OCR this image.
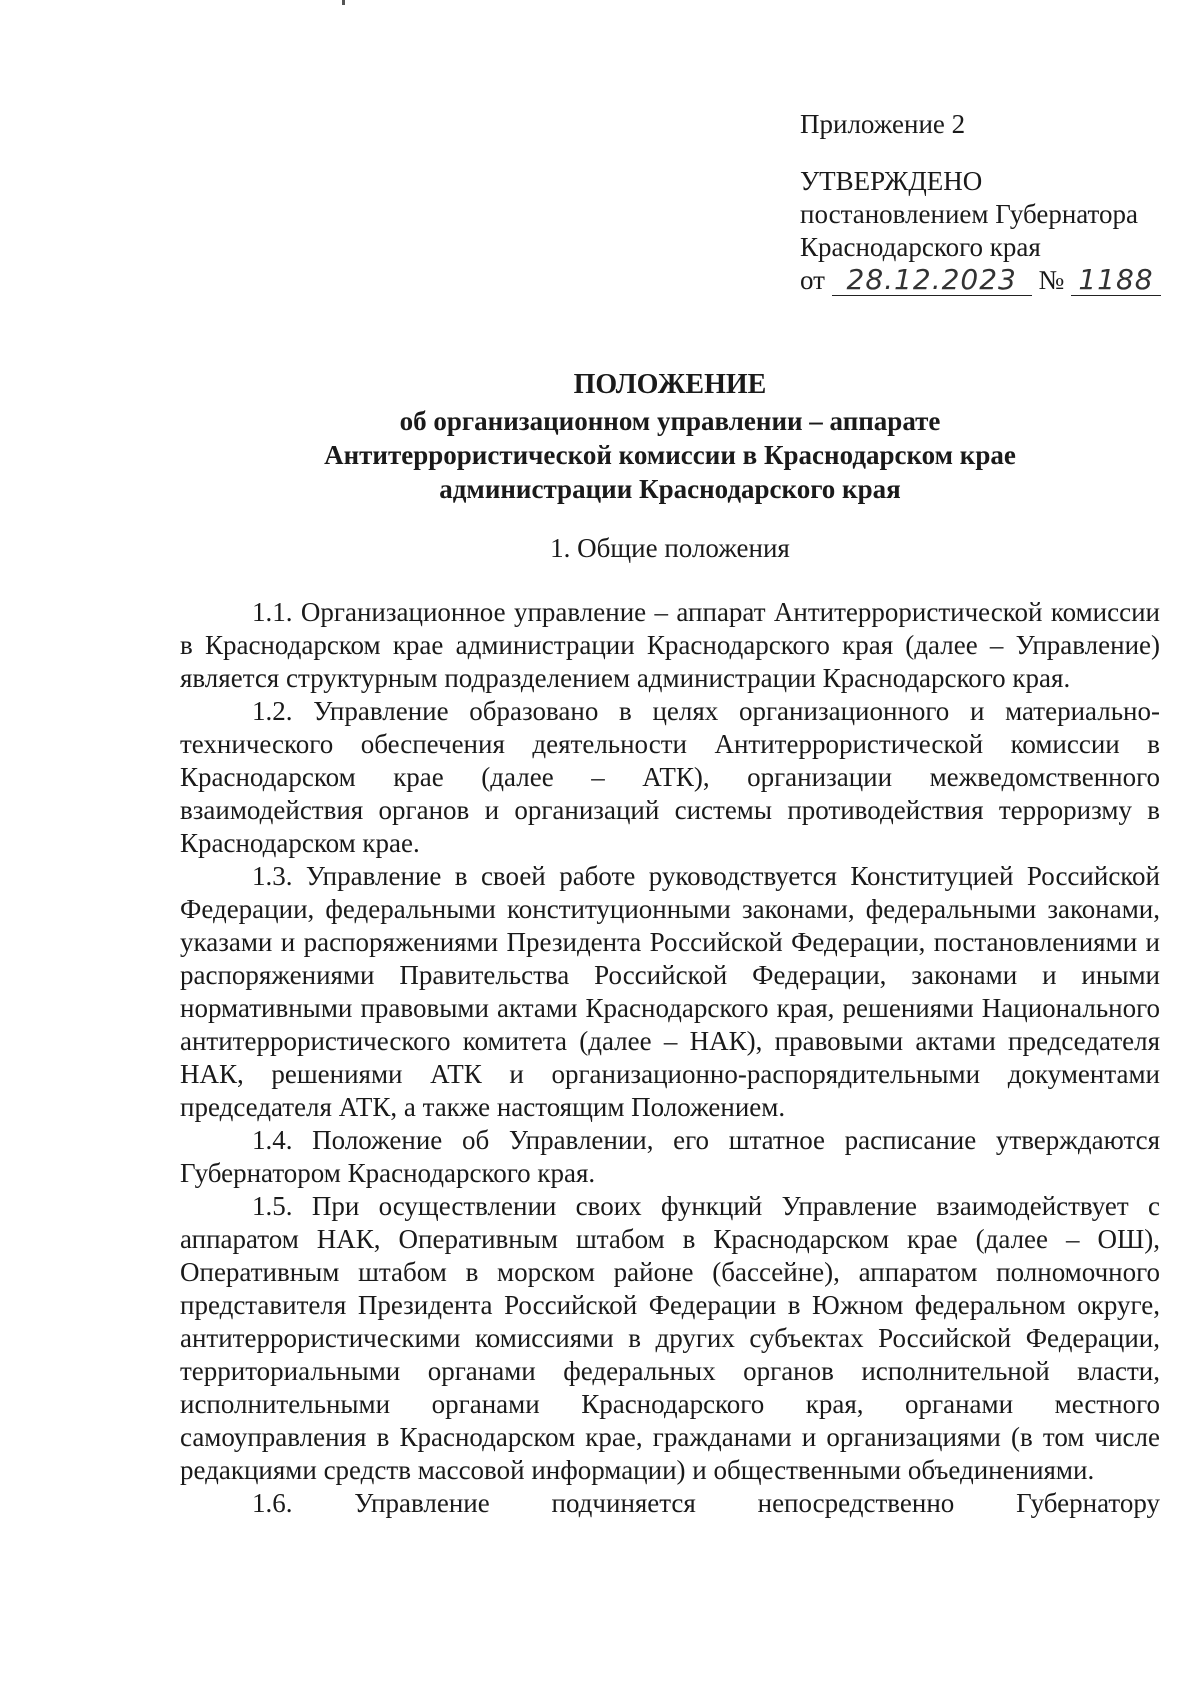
Приложение 2
УТВЕРЖДЕНО
постановлением Губернатора
Краснодарского края
от 28.12.2023 № 1188
ПОЛОЖЕНИЕ
об организационном управлении – аппарате
Антитеррористической комиссии в Краснодарском крае
администрации Краснодарского края
1. Общие положения

1.1. Организационное управление – аппарат Антитеррористической комиссии в Краснодарском крае администрации Краснодарского края (далее – Управление) является структурным подразделением администрации Краснодарского края.

1.2. Управление образовано в целях организационного и материально-технического обеспечения деятельности Антитеррористической комиссии в Краснодарском крае (далее – АТК), организации межведомственного взаимодействия органов и организаций системы противодействия терроризму в Краснодарском крае.

1.3. Управление в своей работе руководствуется Конституцией Российской Федерации, федеральными конституционными законами, федеральными законами, указами и распоряжениями Президента Российской Федерации, постановлениями и распоряжениями Правительства Российской Федерации, законами и иными нормативными правовыми актами Краснодарского края, решениями Национального антитеррористического комитета (далее – НАК), правовыми актами председателя НАК, решениями АТК и организационно-распорядительными документами председателя АТК, а также настоящим Положением.

1.4. Положение об Управлении, его штатное расписание утверждаются Губернатором Краснодарского края.

1.5. При осуществлении своих функций Управление взаимодействует с аппаратом НАК, Оперативным штабом в Краснодарском крае (далее – ОШ), Оперативным штабом в морском районе (бассейне), аппаратом полномочного представителя Президента Российской Федерации в Южном федеральном округе, антитеррористическими комиссиями в других субъектах Российской Федерации, территориальными органами федеральных органов исполнительной власти, исполнительными органами Краснодарского края, органами местного самоуправления в Краснодарском крае, гражданами и организациями (в том числе редакциями средств массовой информации) и общественными объединениями.

1.6. Управление подчиняется непосредственно Губернатору
